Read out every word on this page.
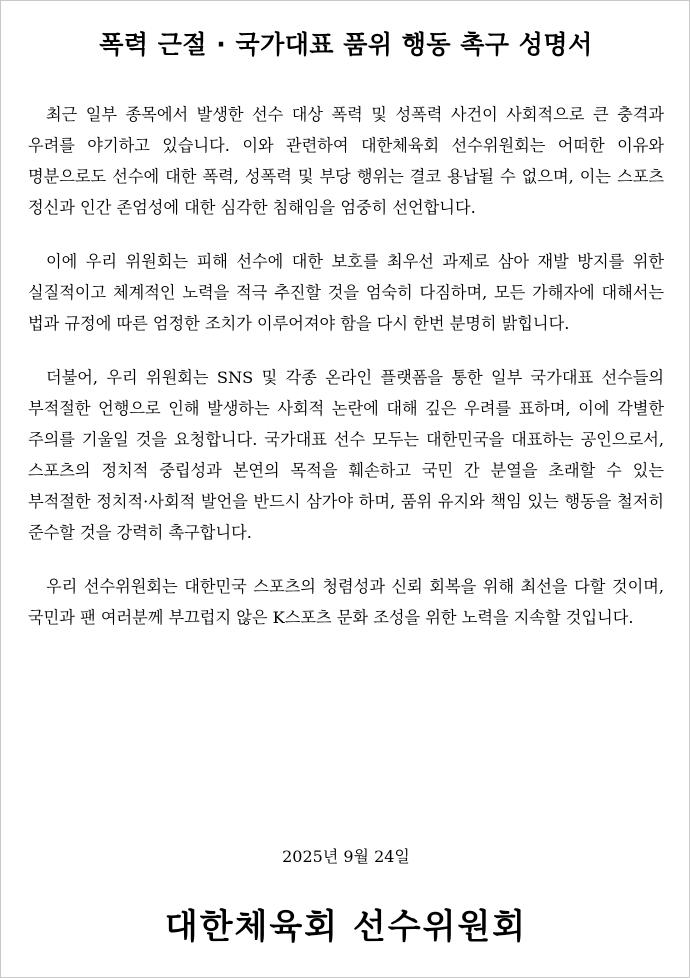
폭력 근절 · 국가대표 품위 행동 촉구 성명서

최근 일부 종목에서 발생한 선수 대상 폭력 및 성폭력 사건이 사회적으로 큰 충격과 우려를 야기하고 있습니다. 이와 관련하여 대한체육회 선수위원회는 어떠한 이유와 명분으로도 선수에 대한 폭력, 성폭력 및 부당 행위는 결코 용납될 수 없으며, 이는 스포츠 정신과 인간 존엄성에 대한 심각한 침해임을 엄중히 선언합니다.

이에 우리 위원회는 피해 선수에 대한 보호를 최우선 과제로 삼아 재발 방지를 위한 실질적이고 체계적인 노력을 적극 추진할 것을 엄숙히 다짐하며, 모든 가해자에 대해서는 법과 규정에 따른 엄정한 조치가 이루어져야 함을 다시 한번 분명히 밝힙니다.

더불어, 우리 위원회는 SNS 및 각종 온라인 플랫폼을 통한 일부 국가대표 선수들의 부적절한 언행으로 인해 발생하는 사회적 논란에 대해 깊은 우려를 표하며, 이에 각별한 주의를 기울일 것을 요청합니다. 국가대표 선수 모두는 대한민국을 대표하는 공인으로서, 스포츠의 정치적 중립성과 본연의 목적을 훼손하고 국민 간 분열을 초래할 수 있는 부적절한 정치적·사회적 발언을 반드시 삼가야 하며, 품위 유지와 책임 있는 행동을 철저히 준수할 것을 강력히 촉구합니다.

우리 선수위원회는 대한민국 스포츠의 청렴성과 신뢰 회복을 위해 최선을 다할 것이며, 국민과 팬 여러분께 부끄럽지 않은 K스포츠 문화 조성을 위한 노력을 지속할 것입니다.

2025년 9월 24일
대한체육회 선수위원회
